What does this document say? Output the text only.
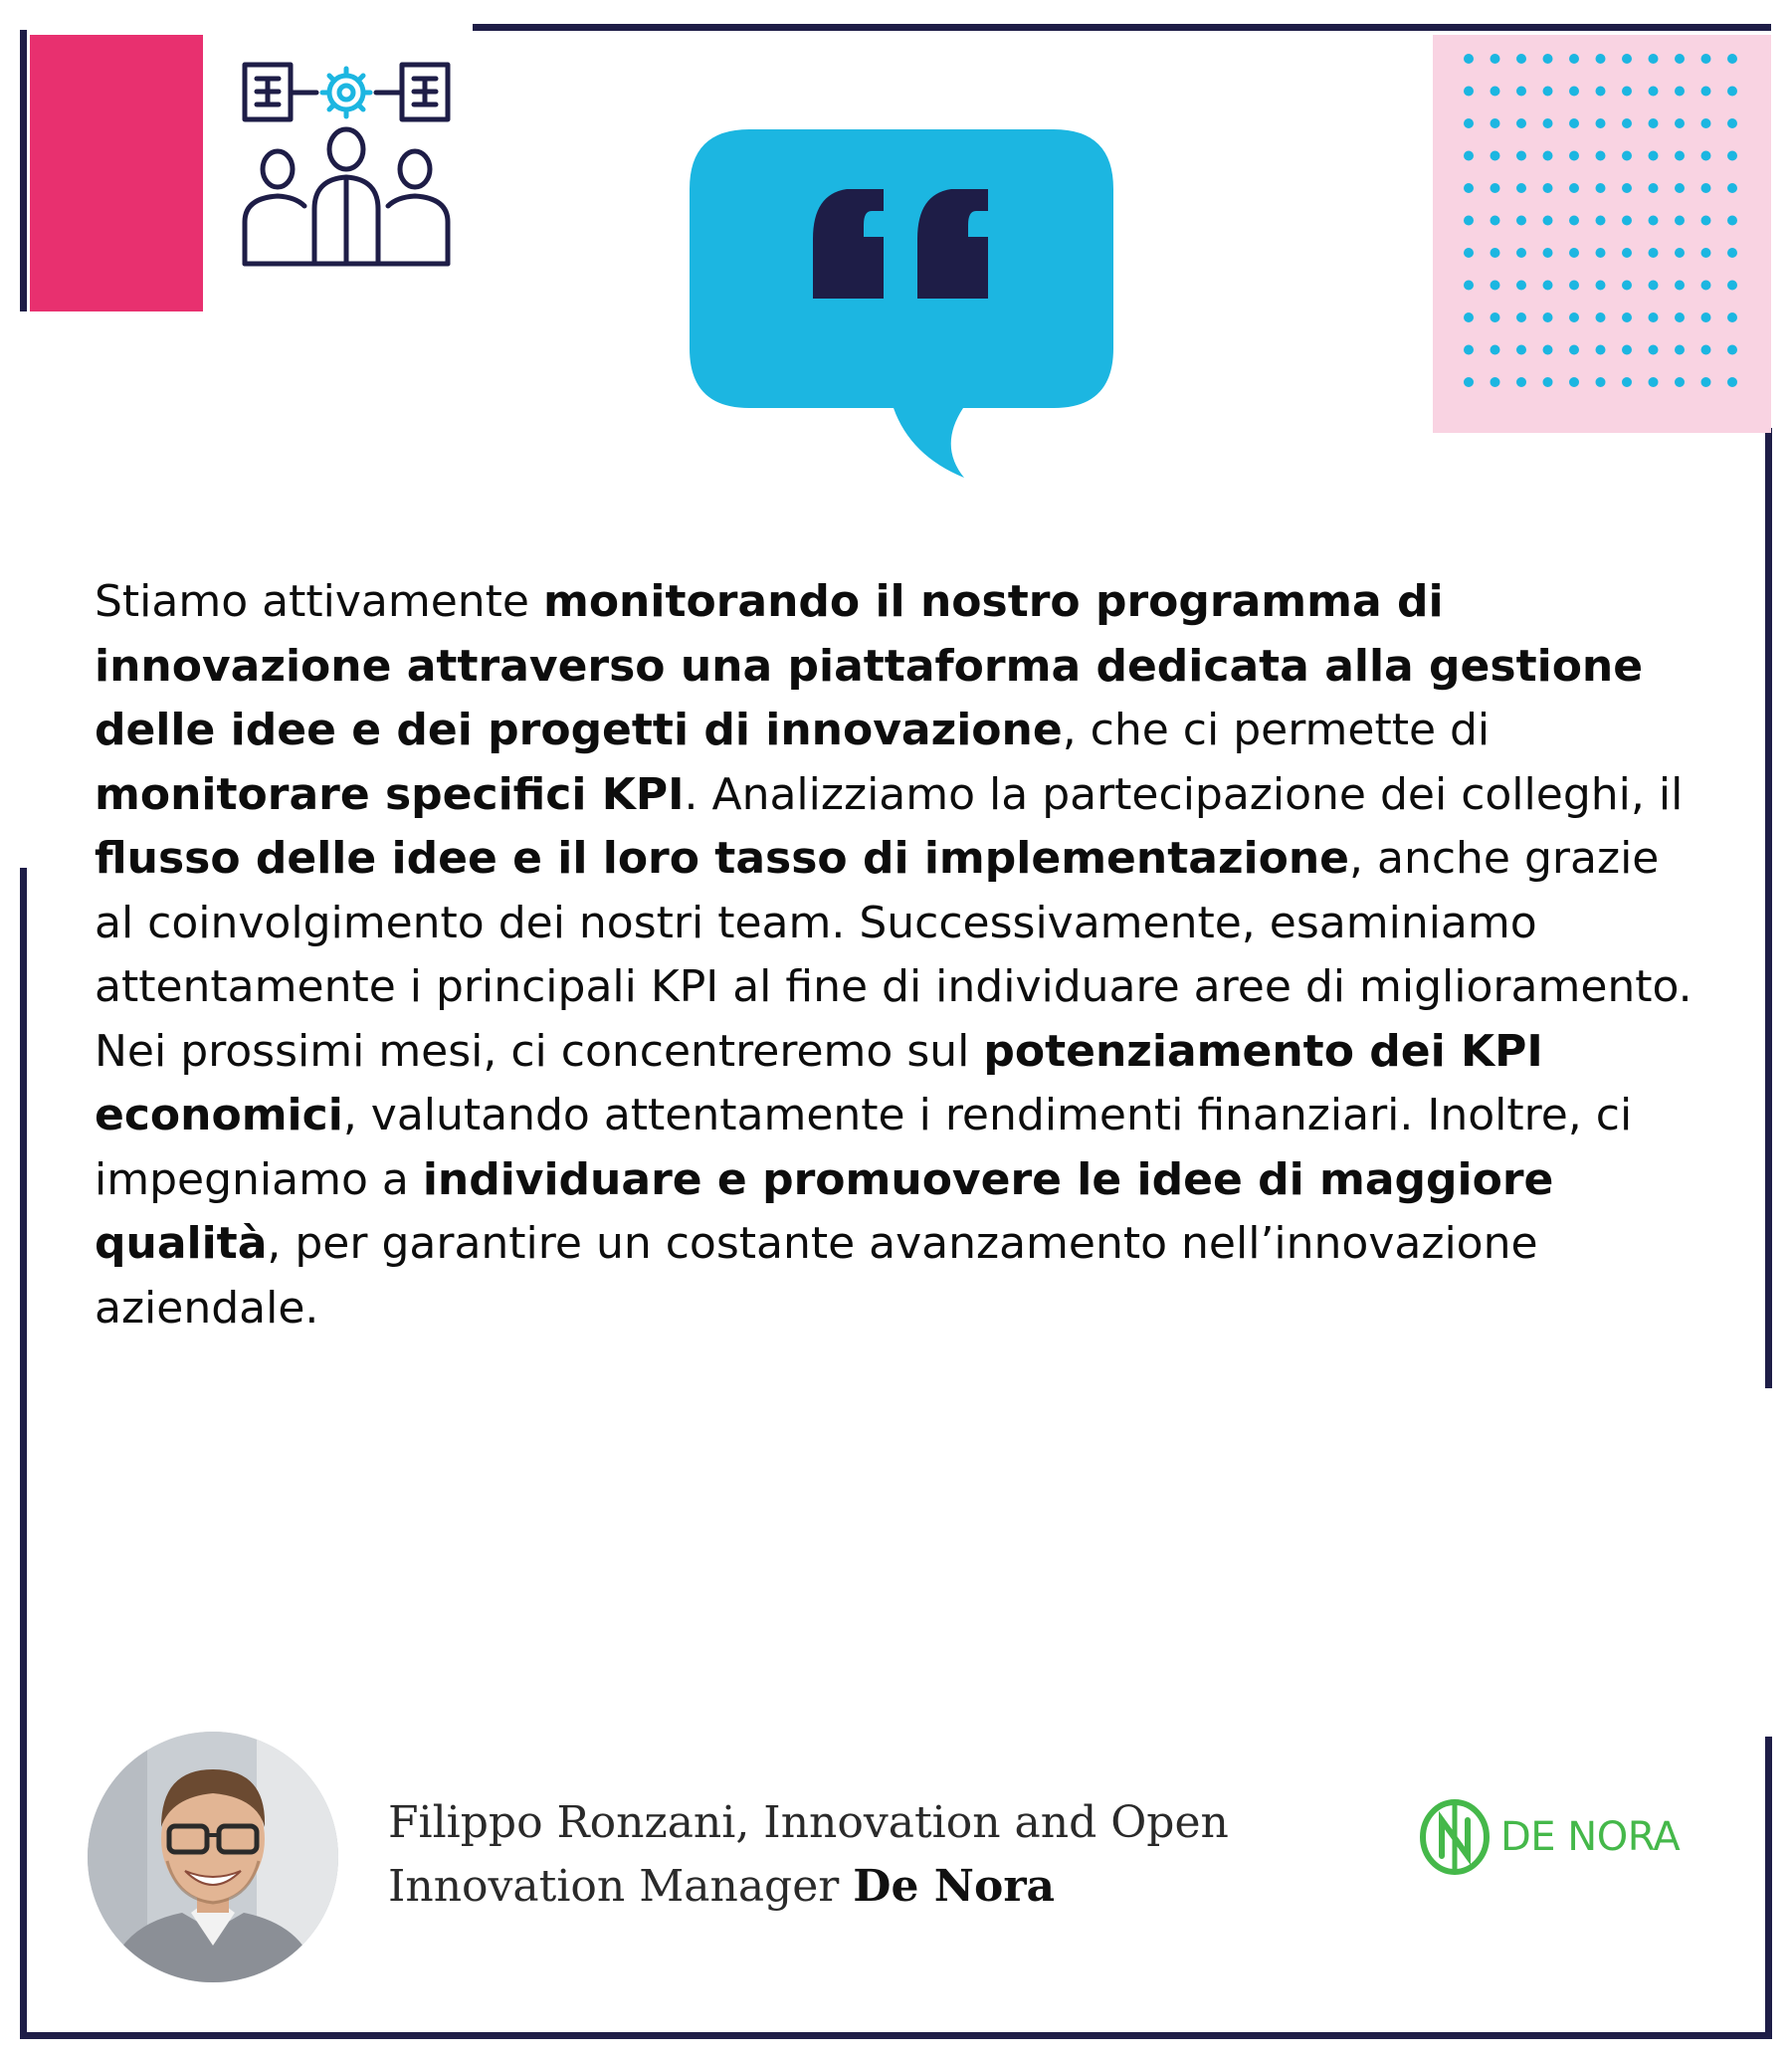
Stiamo attivamente monitorando il nostro programma di innovazione attraverso una piattaforma dedicata alla gestione delle idee e dei progetti di innovazione, che ci permette di monitorare specifici KPI. Analizziamo la partecipazione dei colleghi, il flusso delle idee e il loro tasso di implementazione, anche grazie al coinvolgimento dei nostri team. Successivamente, esaminiamo attentamente i principali KPI al fine di individuare aree di miglioramento. Nei prossimi mesi, ci concentreremo sul potenziamento dei KPI economici, valutando attentamente i rendimenti finanziari. Inoltre, ci impegniamo a individuare e promuovere le idee di maggiore qualità, per garantire un costante avanzamento nell’innovazione aziendale.

Filippo Ronzani, Innovation and Open Innovation Manager De Nora
DE NORA
